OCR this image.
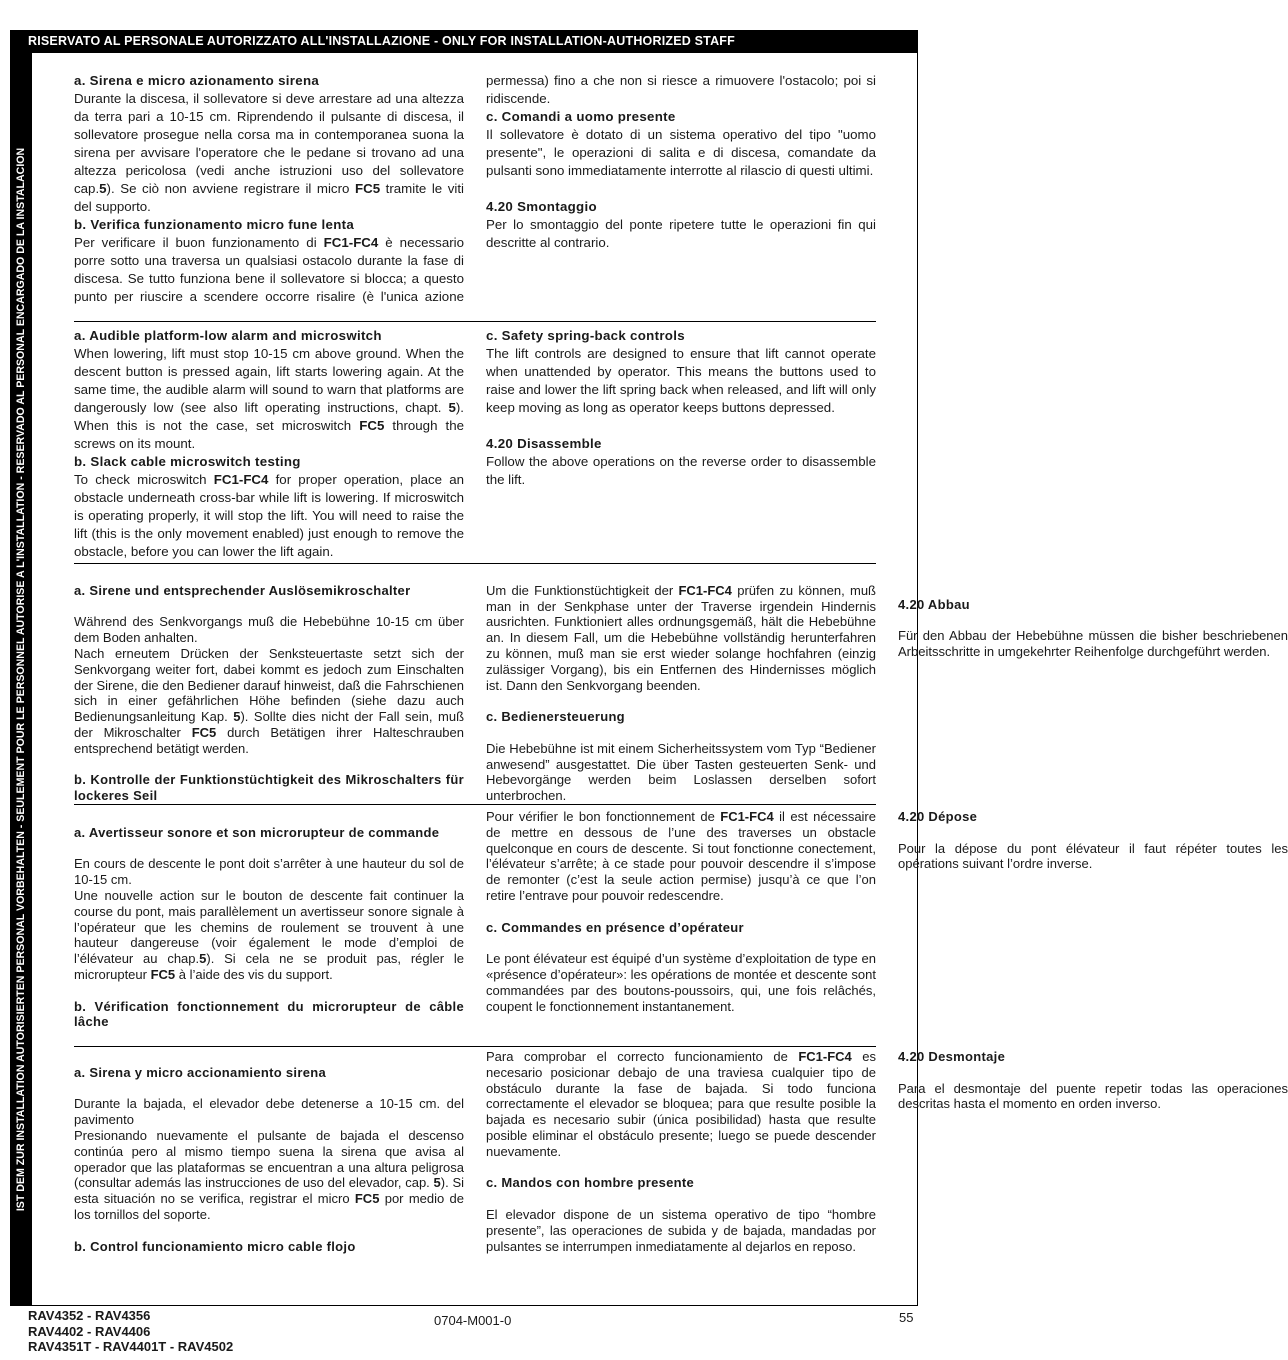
RISERVATO AL PERSONALE AUTORIZZATO ALL'INSTALLAZIONE - ONLY FOR INSTALLATION-AUTHORIZED STAFF
IST DEM ZUR INSTALLATION AUTORISIERTEN PERSONAL VORBEHALTEN - SEULEMENT POUR LE PERSONNEL AUTORISE A L'INSTALLATION - RESERVADO AL PERSONAL ENCARGADO DE LA INSTALACION

a. Sirena e micro azionamento sirena

Durante la discesa, il sollevatore si deve arrestare ad una altezza da terra pari a 10-15 cm. Riprendendo il pulsante di discesa, il sollevatore prosegue nella corsa ma in contemporanea suona la sirena per avvisare l'operatore che le pedane si trovano ad una altezza pericolosa (vedi anche istruzioni uso del sollevatore cap.5). Se ciò non avviene registrare il micro FC5 tramite le viti del supporto.

b. Verifica funzionamento micro fune lenta

Per verificare il buon funzionamento di FC1-FC4 è necessario porre sotto una traversa un qualsiasi ostacolo durante la fase di discesa. Se tutto funziona bene il sollevatore si blocca; a questo punto per riuscire a scendere occorre risalire (è l'unica azione permessa) fino a che non si riesce a rimuovere l'ostacolo; poi si ridiscende.

c. Comandi a uomo presente

Il sollevatore è dotato di un sistema operativo del tipo "uomo presente", le operazioni di salita e di discesa, comandate da pulsanti sono immediatamente interrotte al rilascio di questi ultimi.

4.20 Smontaggio

Per lo smontaggio del ponte ripetere tutte le operazioni fin qui descritte al contrario.

a. Audible platform-low alarm and microswitch

When lowering, lift must stop 10-15 cm above ground. When the descent button is pressed again, lift starts lowering again. At the same time, the audible alarm will sound to warn that platforms are dangerously low (see also lift operating instructions, chapt. 5). When this is not the case, set microswitch FC5 through the screws on its mount.

b. Slack cable microswitch testing

To check microswitch FC1-FC4 for proper operation, place an obstacle underneath cross-bar while lift is lowering. If microswitch is operating properly, it will stop the lift. You will need to raise the lift (this is the only movement enabled) just enough to remove the obstacle, before you can lower the lift again.

c. Safety spring-back controls

The lift controls are designed to ensure that lift cannot operate when unattended by operator. This means the buttons used to raise and lower the lift spring back when released, and lift will only keep moving as long as operator keeps buttons depressed.

4.20 Disassemble

Follow the above operations on the reverse order to disassemble the lift.

a. Sirene und entsprechender Auslösemikroschalter

Während des Senkvorgangs muß die Hebebühne 10-15 cm über dem Boden anhalten.
Nach erneutem Drücken der Senksteuertaste setzt sich der Senkvorgang weiter fort, dabei kommt es jedoch zum Einschalten der Sirene, die den Bediener darauf hinweist, daß die Fahrschienen sich in einer gefährlichen Höhe befinden (siehe dazu auch Bedienungsanleitung Kap. 5). Sollte dies nicht der Fall sein, muß der Mikroschalter FC5 durch Betätigen ihrer Halteschrauben entsprechend betätigt werden.

b. Kontrolle der Funktionstüchtigkeit des Mikroschalters für lockeres Seil

Um die Funktionstüchtigkeit der FC1-FC4 prüfen zu können, muß man in der Senkphase unter der Traverse irgendein Hindernis ausrichten. Funktioniert alles ordnungsgemäß, hält die Hebebühne an. In diesem Fall, um die Hebebühne vollständig herunterfahren zu können, muß man sie erst wieder solange hochfahren (einzig zulässiger Vorgang), bis ein Entfernen des Hindernisses möglich ist. Dann den Senkvorgang beenden.

c. Bedienersteuerung

Die Hebebühne ist mit einem Sicherheitssystem vom Typ “Bediener anwesend” ausgestattet. Die über Tasten gesteuerten Senk- und Hebevorgänge werden beim Loslassen derselben sofort unterbrochen.

4.20 Abbau

Für den Abbau der Hebebühne müssen die bisher beschriebenen Arbeitsschritte in umgekehrter Reihenfolge durchgeführt werden.

a. Avertisseur sonore et son microrupteur de commande

En cours de descente le pont doit s’arrêter à une hauteur du sol de 10-15 cm.
Une nouvelle action sur le bouton de descente fait continuer la course du pont, mais parallèlement un avertisseur sonore signale à l’opérateur que les chemins de roulement se trouvent à une hauteur dangereuse (voir également le mode d’emploi de l’élévateur au chap.5). Si cela ne se produit pas, régler le microrupteur FC5 à l’aide des vis du support.

b. Vérification fonctionnement du microrupteur de câble lâche

Pour vérifier le bon fonctionnement de FC1-FC4 il est nécessaire de mettre en dessous de l’une des traverses un obstacle quelconque en cours de descente. Si tout fonctionne conectement, l’élévateur s’arrête; à ce stade pour pouvoir descendre il s’impose de remonter (c’est la seule action permise) jusqu’à ce que l’on retire l’entrave pour pouvoir redescendre.

c. Commandes en présence d’opérateur

Le pont élévateur est équipé d’un système d’exploitation de type en «présence d’opérateur»: les opérations de montée et descente sont commandées par des boutons-poussoirs, qui, une fois relâchés, coupent le fonctionnement instantanement.

4.20 Dépose

Pour la dépose du pont élévateur il faut répéter toutes les opérations suivant l’ordre inverse.

a. Sirena y micro accionamiento sirena

Durante la bajada, el elevador debe detenerse a 10-15 cm. del pavimento
Presionando nuevamente el pulsante de bajada el descenso continúa pero al mismo tiempo suena la sirena que avisa al operador que las plataformas se encuentran a una altura peligrosa (consultar además las instrucciones de uso del elevador, cap. 5). Si esta situación no se verifica, registrar el micro FC5 por medio de los tornillos del soporte.

b. Control funcionamiento micro cable flojo

Para comprobar el correcto funcionamiento de FC1-FC4 es necesario posicionar debajo de una traviesa cualquier tipo de obstáculo durante la fase de bajada. Si todo funciona correctamente el elevador se bloquea; para que resulte posible la bajada es necesario subir (única posibilidad) hasta que resulte posible eliminar el obstáculo presente; luego se puede descender nuevamente.

c. Mandos con hombre presente

El elevador dispone de un sistema operativo de tipo “hombre presente”, las operaciones de subida y de bajada, mandadas por pulsantes se interrumpen inmediatamente al dejarlos en reposo.

4.20 Desmontaje

Para el desmontaje del puente repetir todas las operaciones descritas hasta el momento en orden inverso.

RAV4352 - RAV4356
RAV4402 - RAV4406
RAV4351T - RAV4401T - RAV4502
0704-M001-0	55
